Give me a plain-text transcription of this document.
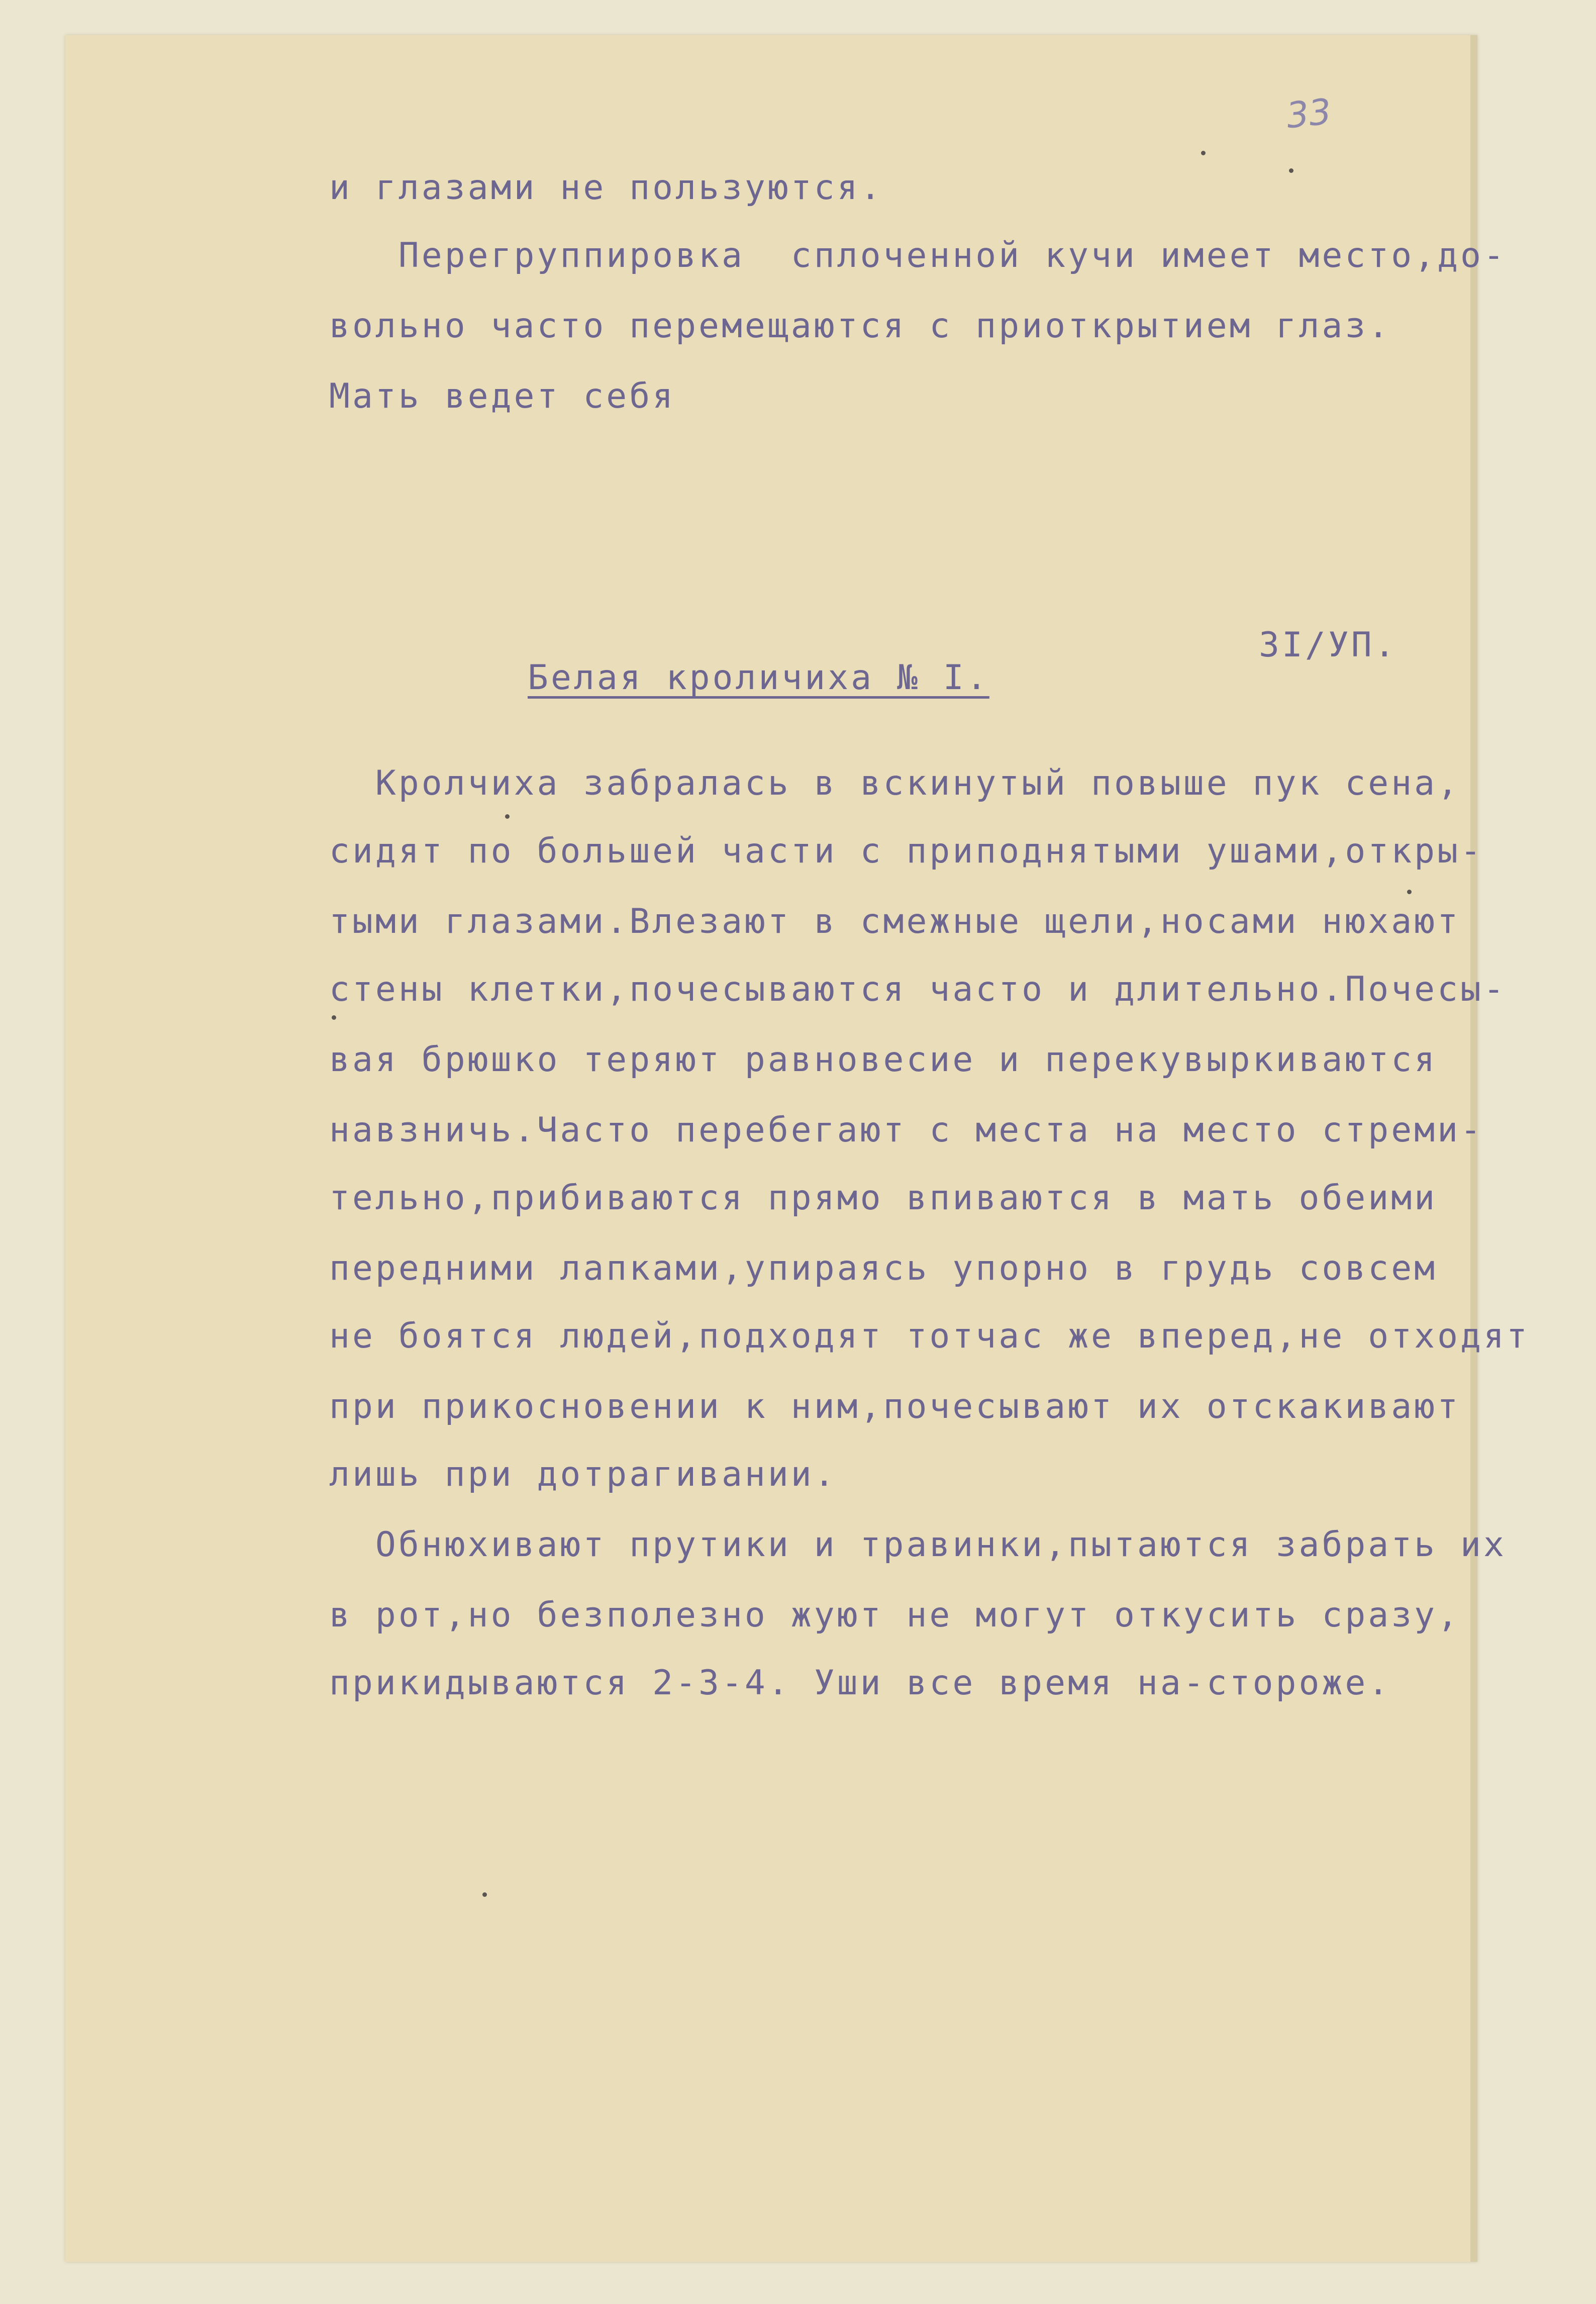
33
и глазами не пользуются.
Перегруппировка  сплоченной кучи имеет место,до-
вольно часто перемещаются с приоткрытием глаз.
Мать ведет себя
3I/УП.
Белая кроличиха № I.
Кролчиха забралась в вскинутый повыше пук сена,
сидят по большей части с приподнятыми ушами,откры-
тыми глазами.Влезают в смежные щели,носами нюхают
стены клетки,почесываются часто и длительно.Почесы-
вая брюшко теряют равновесие и перекувыркиваются
навзничь.Часто перебегают с места на место стреми-
тельно,прибиваются прямо впиваются в мать обеими
передними лапками,упираясь упорно в грудь совсем
не боятся людей,подходят тотчас же вперед,не отходят
при прикосновении к ним,почесывают их отскакивают
лишь при дотрагивании.
Обнюхивают прутики и травинки,пытаются забрать их
в рот,но безполезно жуют не могут откусить сразу,
прикидываются 2-3-4. Уши все время на-стороже.
